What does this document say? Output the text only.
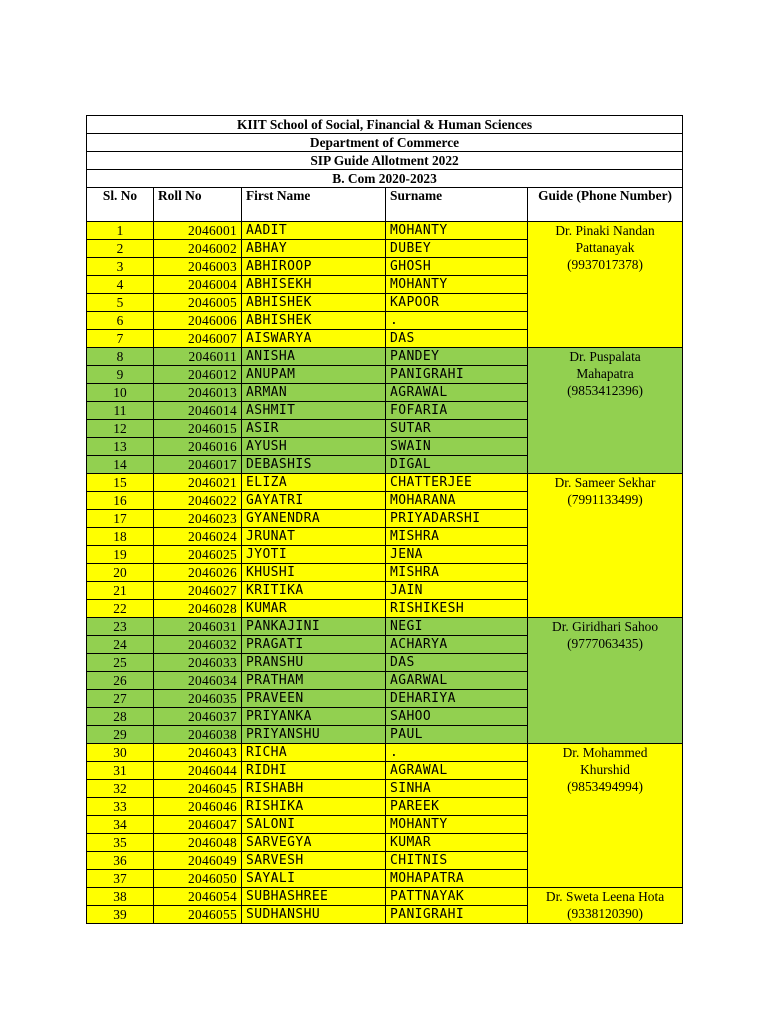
KIIT School of Social, Financial & Human Sciences				
Department of Commerce				
SIP Guide Allotment 2022				
B. Com 2020-2023				
Sl. No	Roll No	First Name	Surname	Guide (Phone Number)
1	2046001	AADIT	MOHANTY	Dr. Pinaki Nandan
Pattanayak
(9937017378)

2	2046002	ABHAY	DUBEY	
3	2046003	ABHIROOP	GHOSH	
4	2046004	ABHISEKH	MOHANTY	
5	2046005	ABHISHEK	KAPOOR	
6	2046006	ABHISHEK	.	
7	2046007	AISWARYA	DAS	
8	2046011	ANISHA	PANDEY	Dr. Puspalata
Mahapatra
(9853412396)

9	2046012	ANUPAM	PANIGRAHI	
10	2046013	ARMAN	AGRAWAL	
11	2046014	ASHMIT	FOFARIA	
12	2046015	ASIR	SUTAR	
13	2046016	AYUSH	SWAIN	
14	2046017	DEBASHIS	DIGAL	
15	2046021	ELIZA	CHATTERJEE	Dr. Sameer Sekhar
(7991133499)

16	2046022	GAYATRI	MOHARANA	
17	2046023	GYANENDRA	PRIYADARSHI	
18	2046024	JRUNAT	MISHRA	
19	2046025	JYOTI	JENA	
20	2046026	KHUSHI	MISHRA	
21	2046027	KRITIKA	JAIN	
22	2046028	KUMAR	RISHIKESH	
23	2046031	PANKAJINI	NEGI	Dr. Giridhari Sahoo
(9777063435)

24	2046032	PRAGATI	ACHARYA	
25	2046033	PRANSHU	DAS	
26	2046034	PRATHAM	AGARWAL	
27	2046035	PRAVEEN	DEHARIYA	
28	2046037	PRIYANKA	SAHOO	
29	2046038	PRIYANSHU	PAUL	
30	2046043	RICHA	.	Dr. Mohammed
Khurshid
(9853494994)

31	2046044	RIDHI	AGRAWAL	
32	2046045	RISHABH	SINHA	
33	2046046	RISHIKA	PAREEK	
34	2046047	SALONI	MOHANTY	
35	2046048	SARVEGYA	KUMAR	
36	2046049	SARVESH	CHITNIS	
37	2046050	SAYALI	MOHAPATRA	
38	2046054	SUBHASHREE	PATTNAYAK	Dr. Sweta Leena Hota
(9338120390)

39	2046055	SUDHANSHU	PANIGRAHI	
